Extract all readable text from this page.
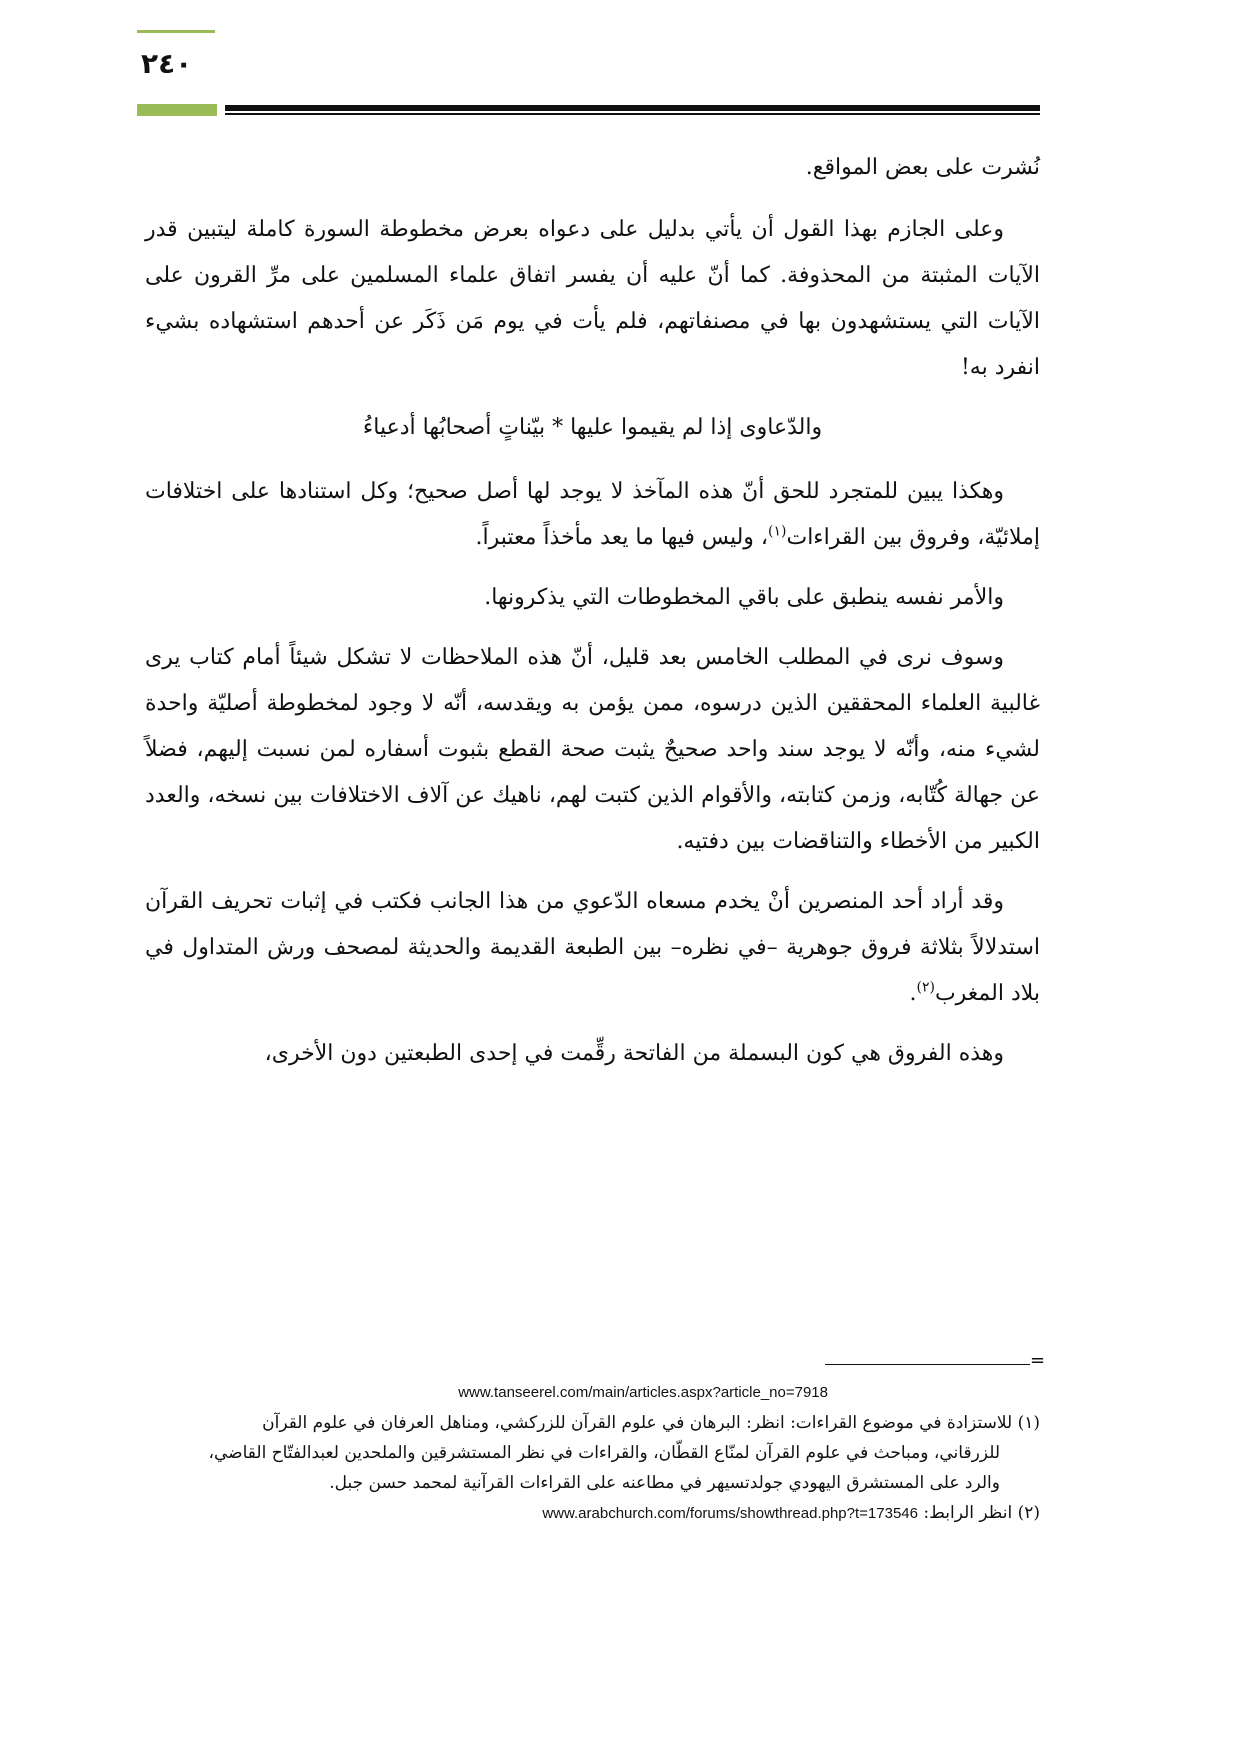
٢٤٠

نُشرت على بعض المواقع.

وعلى الجازم بهذا القول أن يأتي بدليل على دعواه بعرض مخطوطة السورة كاملة ليتبين قدر الآيات المثبتة من المحذوفة. كما أنّ عليه أن يفسر اتفاق علماء المسلمين على مرِّ القرون على الآيات التي يستشهدون بها في مصنفاتهم، فلم يأت في يوم مَن ذَكَر عن أحدهم استشهاده بشيء انفرد به!

والدّعاوى إذا لم يقيموا عليها * بيّناتٍ أصحابُها أدعياءُ

وهكذا يبين للمتجرد للحق أنّ هذه المآخذ لا يوجد لها أصل صحيح؛ وكل استنادها على اختلافات إملائيّة، وفروق بين القراءات$^{(١)}$، وليس فيها ما يعد مأخذاً معتبراً.

والأمر نفسه ينطبق على باقي المخطوطات التي يذكرونها.

وسوف نرى في المطلب الخامس بعد قليل، أنّ هذه الملاحظات لا تشكل شيئاً أمام كتاب يرى غالبية العلماء المحققين الذين درسوه، ممن يؤمن به ويقدسه، أنّه لا وجود لمخطوطة أصليّة واحدة لشيء منه، وأنّه لا يوجد سند واحد صحيحٌ يثبت صحة القطع بثبوت أسفاره لمن نسبت إليهم، فضلاً عن جهالة كُتّابه، وزمن كتابته، والأقوام الذين كتبت لهم، ناهيك عن آلاف الاختلافات بين نسخه، والعدد الكبير من الأخطاء والتناقضات بين دفتيه.

وقد أراد أحد المنصرين أنْ يخدم مسعاه الدّعوي من هذا الجانب فكتب في إثبات تحريف القرآن استدلالاً بثلاثة فروق جوهرية –في نظره– بين الطبعة القديمة والحديثة لمصحف ورش المتداول في بلاد المغرب$^{(٢)}$.

وهذه الفروق هي كون البسملة من الفاتحة رقِّمت في إحدى الطبعتين دون الأخرى،

=
www.tanseerel.com/main/articles.aspx?article_no=7918

(١) للاستزادة في موضوع القراءات: انظر: البرهان في علوم القرآن للزركشي، ومناهل العرفان في علوم القرآن

للزرقاني، ومباحث في علوم القرآن لمنّاع القطّان، والقراءات في نظر المستشرقين والملحدين لعبدالفتّاح القاضي،

والرد على المستشرق اليهودي جولدتسيهر في مطاعنه على القراءات القرآنية لمحمد حسن جبل.

(٢) انظر الرابط: www.arabchurch.com/forums/showthread.php?t=173546
